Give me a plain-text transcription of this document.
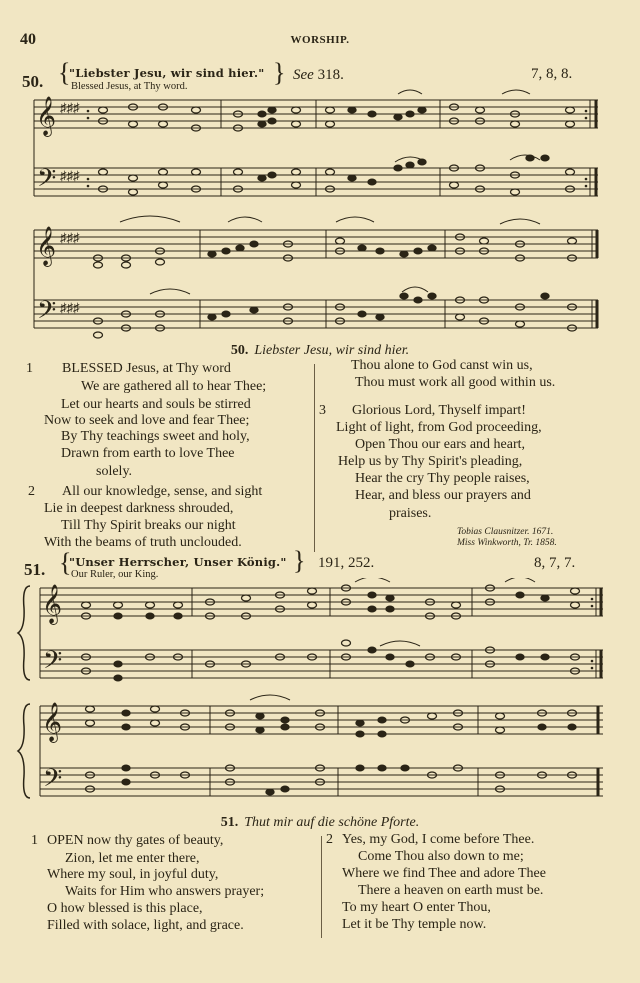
40	WORSHIP.
50. {
"Liebster Jesu, wir sind hier."
Blessed Jesus, at Thy word.	} See 318.	7, 8, 8.
𝄞 ♯♯♯
𝄢 ♯♯♯
𝄞 ♯♯♯
𝄢 ♯♯♯
50. Liebster Jesu, wir sind hier.
1 BLESSED Jesus, at Thy word
We are gathered all to hear Thee;
Let our hearts and souls be stirred
Now to seek and love and fear Thee;
By Thy teachings sweet and holy,
Drawn from earth to love Thee
solely.
2 All our knowledge, sense, and sight
Lie in deepest darkness shrouded,
Till Thy Spirit breaks our night
With the beams of truth unclouded.
Thou alone to God canst win us,
Thou must work all good within us.
3 Glorious Lord, Thyself impart!
Light of light, from God proceeding,
Open Thou our ears and heart,
Help us by Thy Spirit's pleading,
Hear the cry Thy people raises,
Hear, and bless our prayers and
praises.
Tobias Clausnitzer. 1671.
Miss Winkworth, Tr. 1858.
51. {
"Unser Herrscher, Unser König."
Our Ruler, our King.	} 191, 252.	8, 7, 7.
𝄞
𝄢
𝄞
𝄢
51. Thut mir auf die schöne Pforte.
1 OPEN now thy gates of beauty,
Zion, let me enter there,
Where my soul, in joyful duty,
Waits for Him who answers prayer;
O how blessed is this place,
Filled with solace, light, and grace.
2 Yes, my God, I come before Thee.
Come Thou also down to me;
Where we find Thee and adore Thee
There a heaven on earth must be.
To my heart O enter Thou,
Let it be Thy temple now.
